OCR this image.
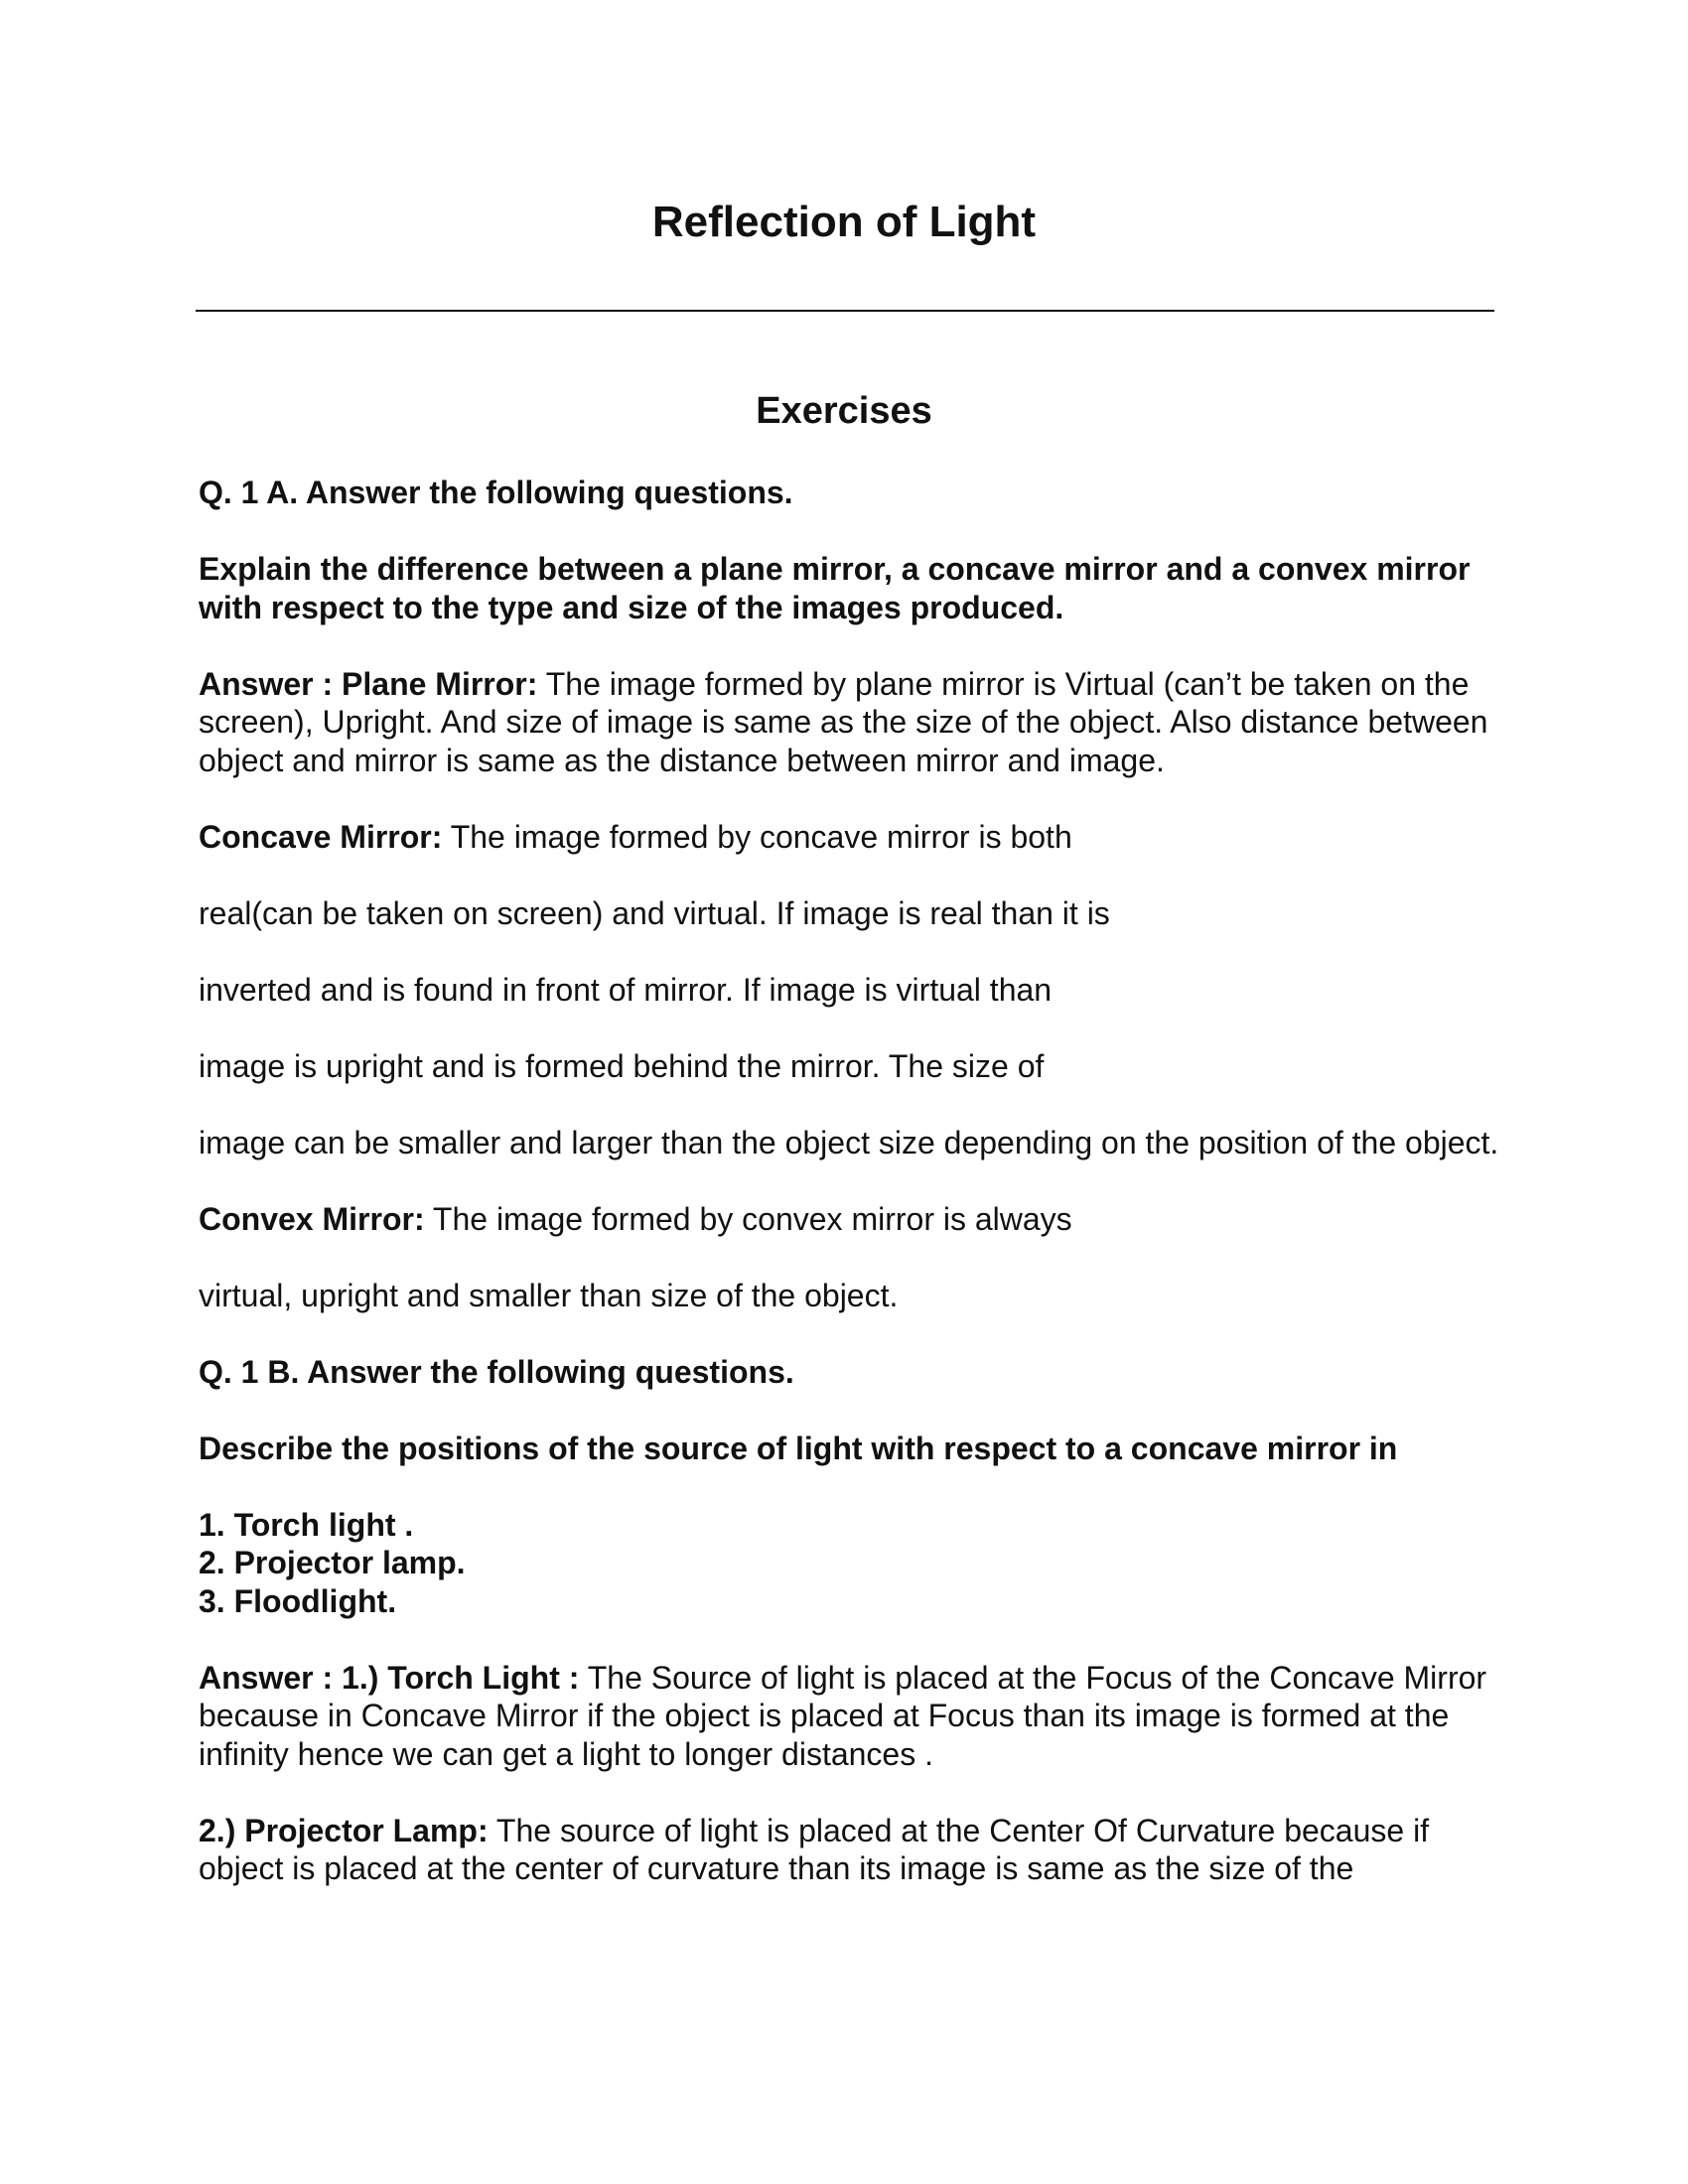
Reflection of Light
Exercises

Q. 1 A. Answer the following questions.

Explain the difference between a plane mirror, a concave mirror and a convex mirror with respect to the type and size of the images produced.

Answer : Plane Mirror: The image formed by plane mirror is Virtual (can’t be taken on the screen), Upright. And size of image is same as the size of the object. Also distance between object and mirror is same as the distance between mirror and image.

Concave Mirror: The image formed by concave mirror is both

real(can be taken on screen) and virtual. If image is real than it is

inverted and is found in front of mirror. If image is virtual than

image is upright and is formed behind the mirror. The size of

image can be smaller and larger than the object size depending on the position of the object.

Convex Mirror: The image formed by convex mirror is always

virtual, upright and smaller than size of the object.

Q. 1 B. Answer the following questions.

Describe the positions of the source of light with respect to a concave mirror in

1. Torch light .
2. Projector lamp.
3. Floodlight.

Answer : 1.) Torch Light : The Source of light is placed at the Focus of the Concave Mirror because in Concave Mirror if the object is placed at Focus than its image is formed at the infinity hence we can get a light to longer distances .

2.) Projector Lamp: The source of light is placed at the Center Of Curvature because if object is placed at the center of curvature than its image is same as the size of the
